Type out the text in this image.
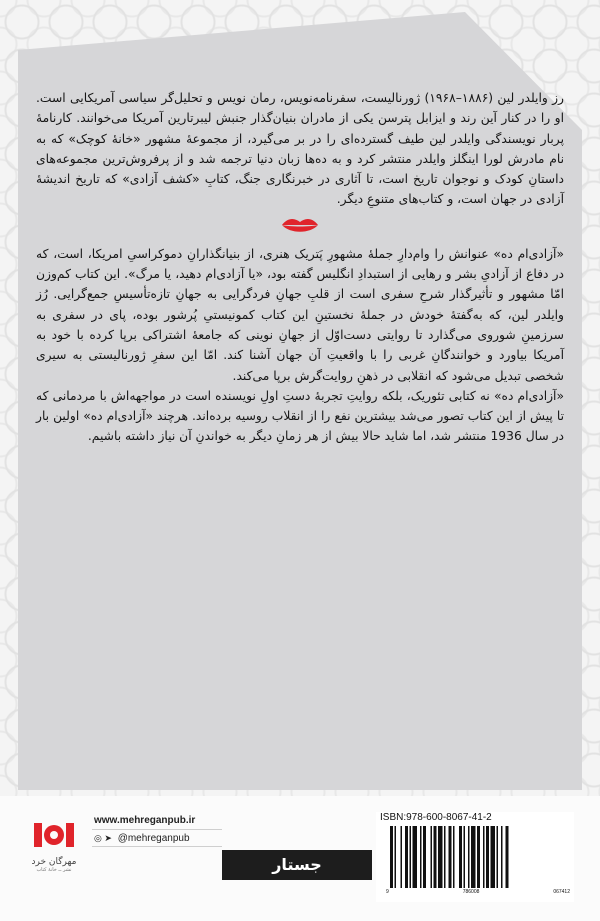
رز وایلدر لین (۱۸۸۶–۱۹۶۸) ژورنالیست، سفرنامه‌نویس، رمان نویس و تحلیل‌گر سیاسی آمریکایی است. او را در کنار آین رند و ایزابل پترسن یکی از مادران بنیان‌گذار جنبش لیبرتارین آمریکا می‌خوانند. کارنامهٔ پربار نویسندگی وایلدر لین طیف گسترده‌ای را در بر می‌گیرد، از مجموعهٔ مشهور «خانهٔ کوچک» که به نام مادرش لورا اینگلز وایلدر منتشر کرد و به ده‌ها زبان دنیا ترجمه شد و از پرفروش‌ترین مجموعه‌های داستانِ کودک و نوجوان تاریخ است، تا آثاری در خبرنگاری جنگ، کتابِ «کشف آزادی» که تاریخ اندیشهٔ آزادی در جهان است، و کتاب‌های متنوعِ دیگر.

«آزادی‌ام ده» عنوانش را وام‌دارِ جملهٔ مشهورِ پَتریک هنری، از بنیانگذارانِ دموکراسیِ امریکا، است، که در دفاع از آزادیِ بشر و رهایی از استبدادِ انگلیس گفته بود، «یا آزادی‌ام دهید، یا مرگ». این کتاب کم‌وزن امّا مشهور و تأثیرگذار شرحِ سفری است از قلبِ جهانِ فردگرایی به جهانِ تازه‌تأسیسِ جمع‌گرایی. رُز وایلدر لین، که به‌گفتهٔ خودش در جملهٔ نخستینِ این کتاب کمونیستیِ پُرشور بوده، پای در سفری به سرزمینِ شوروی می‌گذارد تا روایتی دست‌اوّل از جهانِ نوینی که جامعهٔ اشتراکی برپا کرده با خود به آمریکا بیاورد و خوانندگانِ غربی را با واقعیتِ آن جهان آشنا کند. امّا این سفرِ ژورنالیستی به سیری شخصی تبدیل می‌شود که انقلابی در ذهنِ روایت‌گرش برپا می‌کند.

«آزادی‌ام ده» نه کتابی تئوریک، بلکه روایتِ تجربهٔ دستِ اولِ نویسنده است در مواجهه‌اش با مردمانی که تا پیش از این کتاب تصور می‌شد بیشترین نفع را از انقلاب روسیه برده‌اند. هرچند «آزادی‌ام ده» اولین بار در سال 1936 منتشر شد، اما شاید حالا بیش از هر زمانِ دیگر به خواندنِ آن نیاز داشته باشیم.

مهرگان خرد
نشر ــ خانهٔ کتاب
www.mehreganpub.ir
◎ ➤ @mehreganpub
جستار
ISBN:978-600-8067-41-2
9	786008	067412
